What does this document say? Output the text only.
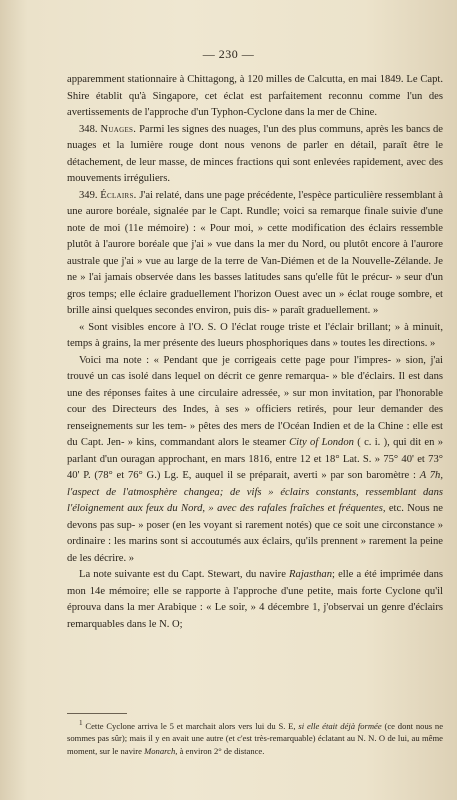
— 230 —

apparemment stationnaire à Chittagong, à 120 milles de Calcutta, en mai 1849. Le Capt. Shire établit qu'à Singapore, cet éclat est parfaitement reconnu comme l'un des avertissements de l'approche d'un Typhon-Cyclone dans la mer de Chine.

348. Nuages. Parmi les signes des nuages, l'un des plus communs, après les bancs de nuages et la lumière rouge dont nous venons de parler en détail, paraît être le détachement, de leur masse, de minces fractions qui sont enlevées rapidement, avec des mouvements irréguliers.

349. Éclairs. J'ai relaté, dans une page précédente, l'espèce particulière ressemblant à une aurore boréale, signalée par le Capt. Rundle; voici sa remarque finale suivie d'une note de moi (11e mémoire) : « Pour moi, » cette modification des éclairs ressemble plutôt à l'aurore boréale que j'ai » vue dans la mer du Nord, ou plutôt encore à l'aurore australe que j'ai » vue au large de la terre de Van-Diémen et de la Nouvelle-Zélande. Je ne » l'ai jamais observée dans les basses latitudes sans qu'elle fût le précur- » seur d'un gros temps; elle éclaire graduellement l'horizon Ouest avec un » éclat rouge sombre, et brille ainsi quelques secondes environ, puis dis- » paraît graduellement. »

« Sont visibles encore à l'O. S. O l'éclat rouge triste et l'éclair brillant; » à minuit, temps à grains, la mer présente des lueurs phosphoriques dans » toutes les directions. »

Voici ma note : « Pendant que je corrigeais cette page pour l'impres- » sion, j'ai trouvé un cas isolé dans lequel on décrit ce genre remarqua- » ble d'éclairs. Il est dans une des réponses faites à une circulaire adressée, » sur mon invitation, par l'honorable cour des Directeurs des Indes, à ses » officiers retirés, pour leur demander des renseignements sur les tem- » pêtes des mers de l'Océan Indien et de la Chine : elle est du Capt. Jen- » kins, commandant alors le steamer City of London ( c. i. ), qui dit en » parlant d'un ouragan approchant, en mars 1816, entre 12 et 18° Lat. S. » 75° 40' et 73° 40' P. (78° et 76° G.) Lg. E, auquel il se préparait, averti » par son baromètre : A 7h, l'aspect de l'atmosphère changea; de vifs » éclairs constants, ressemblant dans l'éloignement aux feux du Nord, » avec des rafales fraîches et fréquentes, etc. Nous ne devons pas sup- » poser (en les voyant si rarement notés) que ce soit une circonstance » ordinaire : les marins sont si accoutumés aux éclairs, qu'ils prennent » rarement la peine de les décrire. »

La note suivante est du Capt. Stewart, du navire Rajasthan; elle a été imprimée dans mon 14e mémoire; elle se rapporte à l'approche d'une petite, mais forte Cyclone qu'il éprouva dans la mer Arabique : « Le soir, » 4 décembre 1, j'observai un genre d'éclairs remarquables dans le N. O;

$^1$ Cette Cyclone arriva le 5 et marchait alors vers lui du S. E, si elle était déjà formée (ce dont nous ne sommes pas sûr); mais il y en avait une autre (et c'est très-remarquable) éclatant au N. N. O de lui, au même moment, sur le navire Monarch, à environ 2° de distance.
